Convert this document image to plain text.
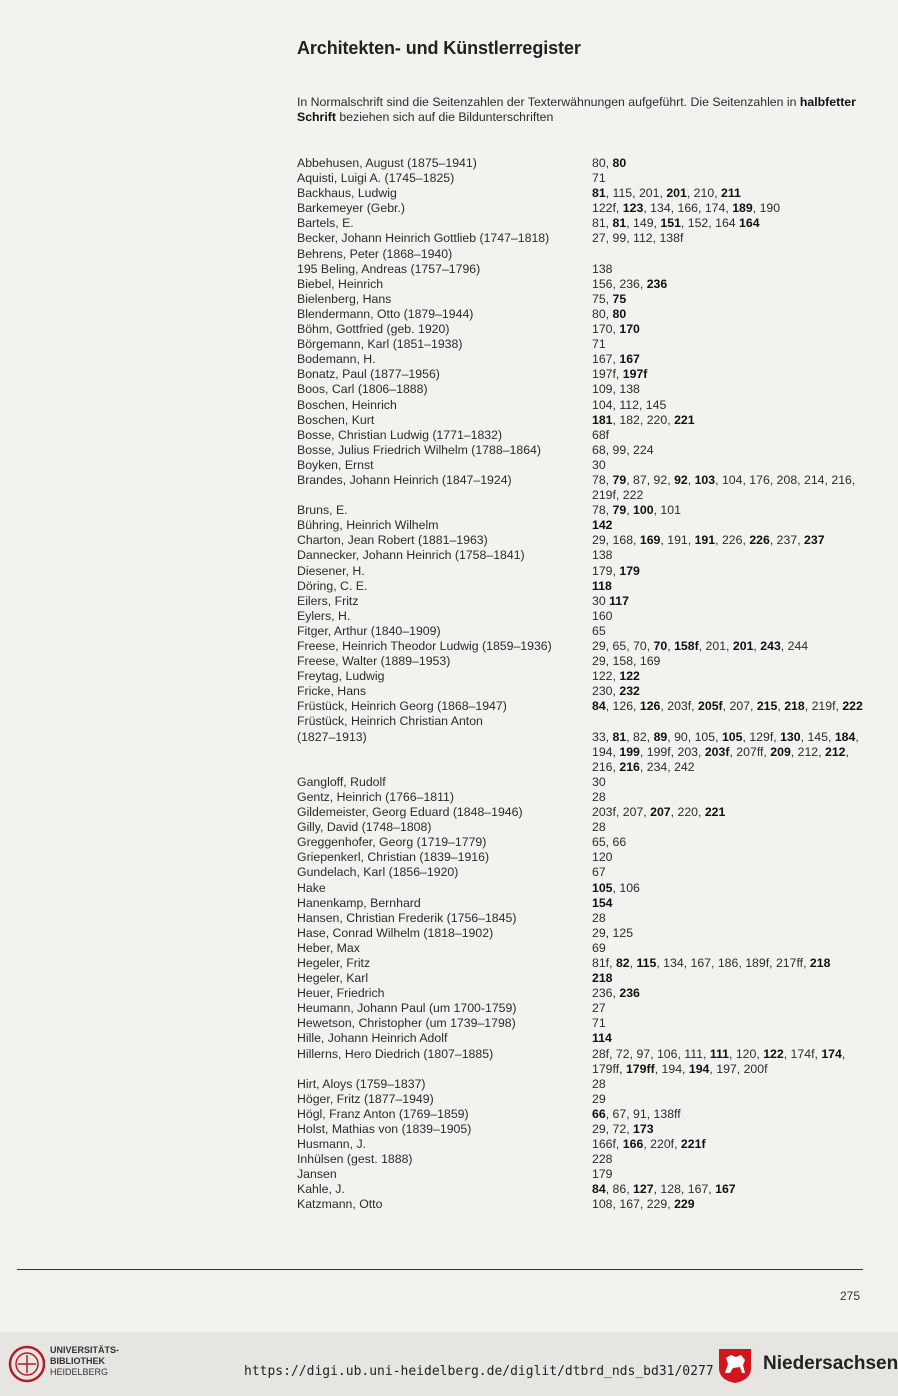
Architekten- und Künstlerregister
In Normalschrift sind die Seitenzahlen der Texterwähnungen aufgeführt. Die Seitenzahlen in halbfetter Schrift beziehen sich auf die Bildunterschriften
Abbehusen, August (1875–1941)	80, 80
Aquisti, Luigi A. (1745–1825)	71
Backhaus, Ludwig	81, 115, 201, 201, 210, 211
Barkemeyer (Gebr.)	122f, 123, 134, 166, 174, 189, 190
Bartels, E.	81, 81, 149, 151, 152, 164 164
Becker, Johann Heinrich Gottlieb (1747–1818)	27, 99, 112, 138f
Behrens, Peter (1868–1940)
195 Beling, Andreas (1757–1796)	138
Biebel, Heinrich	156, 236, 236
Bielenberg, Hans	75, 75
Blendermann, Otto (1879–1944)	80, 80
Böhm, Gottfried (geb. 1920)	170, 170
Börgemann, Karl (1851–1938)	71
Bodemann, H.	167, 167
Bonatz, Paul (1877–1956)	197f, 197f
Boos, Carl (1806–1888)	109, 138
Boschen, Heinrich	104, 112, 145
Boschen, Kurt	181, 182, 220, 221
Bosse, Christian Ludwig (1771–1832)	68f
Bosse, Julius Friedrich Wilhelm (1788–1864)	68, 99, 224
Boyken, Ernst	30
Brandes, Johann Heinrich (1847–1924)	78, 79, 87, 92, 92, 103, 104, 176, 208, 214, 216, 219f, 222
Bruns, E.	78, 79, 100, 101
Bühring, Heinrich Wilhelm	142
Charton, Jean Robert (1881–1963)	29, 168, 169, 191, 191, 226, 226, 237, 237
Dannecker, Johann Heinrich (1758–1841)	138
Diesener, H.	179, 179
Döring, C. E.	118
Eilers, Fritz	30 117
Eylers, H.	160
Fitger, Arthur (1840–1909)	65
Freese, Heinrich Theodor Ludwig (1859–1936)	29, 65, 70, 70, 158f, 201, 201, 243, 244
Freese, Walter (1889–1953)	29, 158, 169
Freytag, Ludwig	122, 122
Fricke, Hans	230, 232
Früstück, Heinrich Georg (1868–1947)	84, 126, 126, 203f, 205f, 207, 215, 218, 219f, 222
Früstück, Heinrich Christian Anton
(1827–1913)	33, 81, 82, 89, 90, 105, 105, 129f, 130, 145, 184, 194, 199, 199f, 203, 203f, 207ff, 209, 212, 212, 216, 216, 234, 242
Gangloff, Rudolf	30
Gentz, Heinrich (1766–1811)	28
Gildemeister, Georg Eduard (1848–1946)	203f, 207, 207, 220, 221
Gilly, David (1748–1808)	28
Greggenhofer, Georg (1719–1779)	65, 66
Griepenkerl, Christian (1839–1916)	120
Gundelach, Karl (1856–1920)	67
Hake	105, 106
Hanenkamp, Bernhard	154
Hansen, Christian Frederik (1756–1845)	28
Hase, Conrad Wilhelm (1818–1902)	29, 125
Heber, Max	69
Hegeler, Fritz	81f, 82, 115, 134, 167, 186, 189f, 217ff, 218
Hegeler, Karl	218
Heuer, Friedrich	236, 236
Heumann, Johann Paul (um 1700-1759)	27
Hewetson, Christopher (um 1739–1798)	71
Hille, Johann Heinrich Adolf	114
Hillerns, Hero Diedrich (1807–1885)	28f, 72, 97, 106, 111, 111, 120, 122, 174f, 174, 179ff, 179ff, 194, 194, 197, 200f
Hirt, Aloys (1759–1837)	28
Höger, Fritz (1877–1949)	29
Högl, Franz Anton (1769–1859)	66, 67, 91, 138ff
Holst, Mathias von (1839–1905)	29, 72, 173
Husmann, J.	166f, 166, 220f, 221f
Inhülsen (gest. 1888)	228
Jansen	179
Kahle, J.	84, 86, 127, 128, 167, 167
Katzmann, Otto	108, 167, 229, 229
275
UNIVERSITÄTS-
BIBLIOTHEK
HEIDELBERG	https://digi.ub.uni-heidelberg.de/diglit/dtbrd_nds_bd31/0277	Niedersachsen
